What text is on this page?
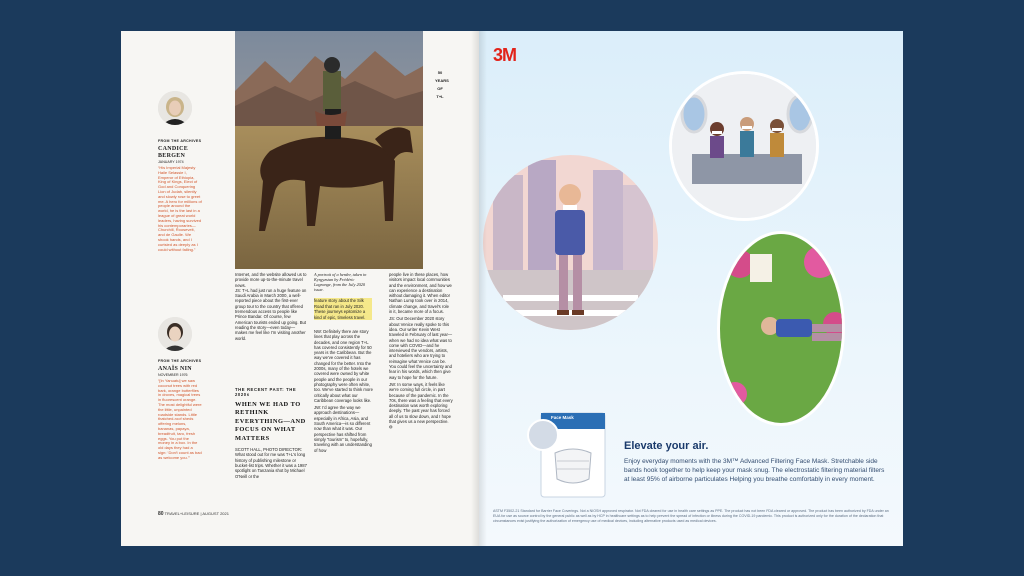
FROM THE ARCHIVES
CANDICE BERGEN
JANUARY 1974
“His Imperial Majesty Haile Selassie I, Emperor of Ethiopia, King of Kings, Elect of God and Conquering Lion of Judah, silently and slowly rose to greet me. A hero for millions of people around the world, he is the last in a league of great world leaders, having survived his contemporaries—Churchill, Roosevelt, and de Gaulle. We shook hands, and I curtsied as deeply as I could without falling.”
FROM THE ARCHIVES
ANAÏS NIN
NOVEMBER 1976
“[In Yanuatu] we saw coconut trees with red bark, orange butterflies in droves, magical trees in fluorescent orange. The most delightful were the little, unpainted roadside stands. Little thatched-roof sheds offering melons, bananas, papaya, breadfruit, taro, fresh eggs. You put the money in a box. In the old days they had a sign: ‘Don't count as bad as welcome you.’”
50
YEARS
OF
T+L
Internet, and the website allowed us to provide more up-to-the-minute travel news.
JS: T+L had just run a huge feature on Saudi Arabia in March 2000, a well-reported piece about the first-ever group tour to the country that offered tremendous access to people like Prince Bandar. Of course, few American tourists ended up going. But reading the story—even today—makes me feel like I'm visiting another world.
A portrait of a herder, taken in Kyrgyzstan by Frédéric Lagrange, from the July 2020 issue.
feature story about the Silk Road that ran in July 2020. These journeys epitomize a kind of epic, timeless travel.
NW: Definitely there are story lines that play across the decades, and one region T+L has covered consistently for 50 years is the Caribbean. But the way we've covered it has changed for the better. Into the 2000s, many of the hotels we covered were owned by white people and the people in our photography were often white, too. We've started to think more critically about what our Caribbean coverage looks like.
JW: I'd agree the way we approach destinations—especially in Africa, Asia, and South America—is so different now than what it was. Our perspective has shifted from simply “tourism” to, hopefully, traveling with an understanding of how
people live in these places, how visitors impact local communities and the environment, and how we can experience a destination without damaging it. When editor Nathan Lump took over in 2014, climate change, and travel's role in it, became more of a focus.
JS: Our December 2020 story about Venice really spoke to this idea. Our writer Kevin West traveled in February of last year—when we had no idea what was to come with COVID—and he interviewed the vendors, artists, and hoteliers who are trying to reimagine what Venice can be. You could feel the uncertainty and fear in his words, which then give way to hope for the future.
JW: In some ways, it feels like we're coming full circle, in part because of the pandemic. In the 70s, there was a feeling that every destination was worth exploring deeply. The past year has forced all of us to slow down, and I hope that gives us a new perspective. ◍
THE RECENT PAST: THE 2020s
WHEN WE HAD TO RETHINK EVERYTHING—AND FOCUS ON WHAT MATTERS
SCOTT HALL, PHOTO DIRECTOR: What stood out for me was T+L's long history of publishing milestone or bucket-list trips. Whether it was a 1987 spotlight on Tanzania shot by Michael O'Neill or the
80 TRAVEL+LEISURE | AUGUST 2021
3M
Face Mask
Elevate your air.
Enjoy everyday moments with the 3M™ Advanced Filtering Face Mask. Stretchable side bands hook together to help keep your mask snug. The electrostatic filtering material filters at least 95% of airborne particulates Helping you breathe comfortably in every moment.
ASTM F3502-21 Standard for Barrier Face Coverings. Not a NIOSH approved respirator. Not FDA cleared for use in health care settings as PPE. The product has not been FDA cleared or approved. The product has been authorized by FDA under an EUA for use as source control by the general public as well as by HCP in healthcare settings as to help prevent the spread of infection or illness during the COVID-19 pandemic. This product is authorized only for the duration of the declaration that circumstances exist justifying the authorization of emergency use of medical devices, including alternative products used as medical devices.
